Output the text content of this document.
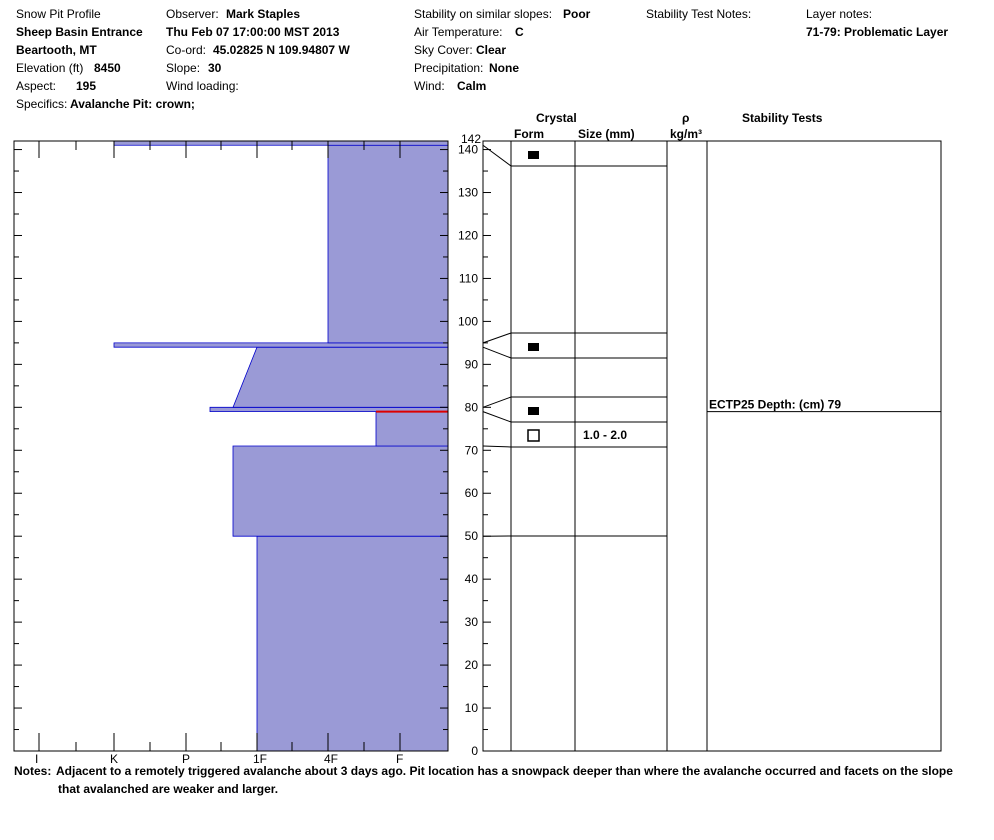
Snow Pit Profile
Sheep Basin Entrance
Beartooth, MT
Elevation (ft) 8450
Aspect: 195
Specifics: Avalanche Pit: crown;
Observer: Mark Staples
Thu Feb 07 17:00:00 MST 2013
Co-ord: 45.02825 N 109.94807 W
Slope: 30
Wind loading:
Stability on similar slopes: Poor
Air Temperature: C
Sky Cover: Clear
Precipitation: None
Wind: Calm
Stability Test Notes:	Layer notes:
71-79: Problematic Layer
Crystal
Form	Size (mm)
ρ
kg/m³
Stability Tests
I	K	P	1F	4F	F
0
10
20
30
40
50
60
70
80
90
100
110
120
130
140
142
1.0 - 2.0
ECTP25 Depth: (cm) 79
Notes: Adjacent to a remotely triggered avalanche about 3 days ago. Pit location has a snowpack deeper than where the avalanche occurred and facets on the slope
that avalanched are weaker and larger.
